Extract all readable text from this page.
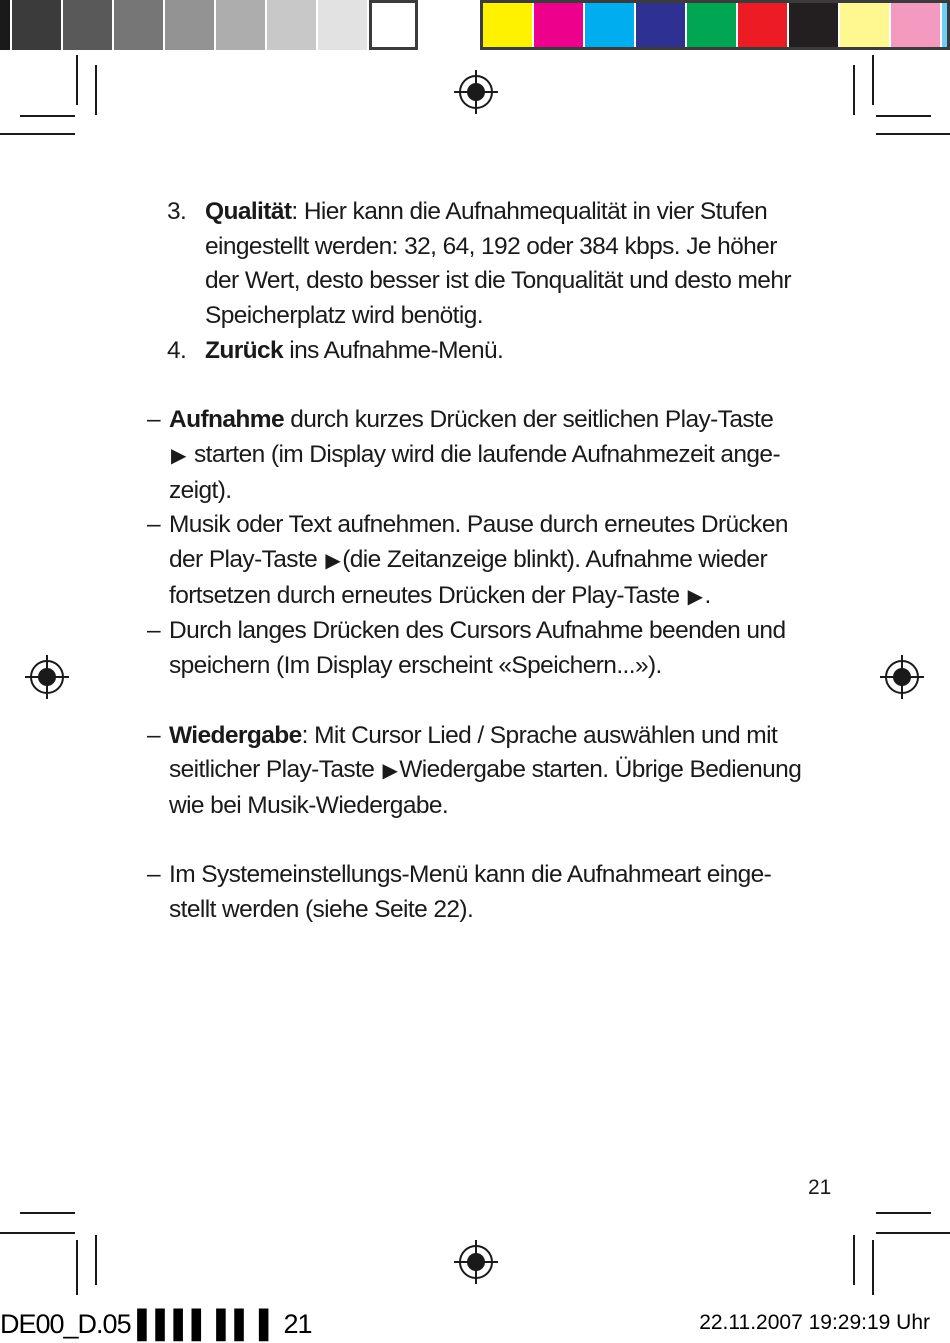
3. Qualität: Hier kann die Aufnahmequalität in vier Stufen eingestellt werden: 32, 64, 192 oder 384 kbps. Je höher der Wert, desto besser ist die Tonqualität und desto mehr Speicherplatz wird benötig.
4. Zurück ins Aufnahme-Menü.
– Aufnahme durch kurzes Drücken der seitlichen Play-Taste
▶ starten (im Display wird die laufende Aufnahmezeit ange-zeigt).
– Musik oder Text aufnehmen. Pause durch erneutes Drücken der Play-Taste ▶(die Zeitanzeige blinkt). Aufnahme wieder fortsetzen durch erneutes Drücken der Play-Taste ▶.
– Durch langes Drücken des Cursors Aufnahme beenden und speichern (Im Display erscheint «Speichern...»).
– Wiedergabe: Mit Cursor Lied / Sprache auswählen und mit seitlicher Play-Taste ▶Wiedergabe starten. Übrige Bedienung wie bei Musik-Wiedergabe.
– Im Systemeinstellungs-Menü kann die Aufnahmeart einge-stellt werden (siehe Seite 22).
21
DE00_D.05 ▌▌▌▌ ▌▌ ▌ 21	22.11.2007 19:29:19 Uhr
